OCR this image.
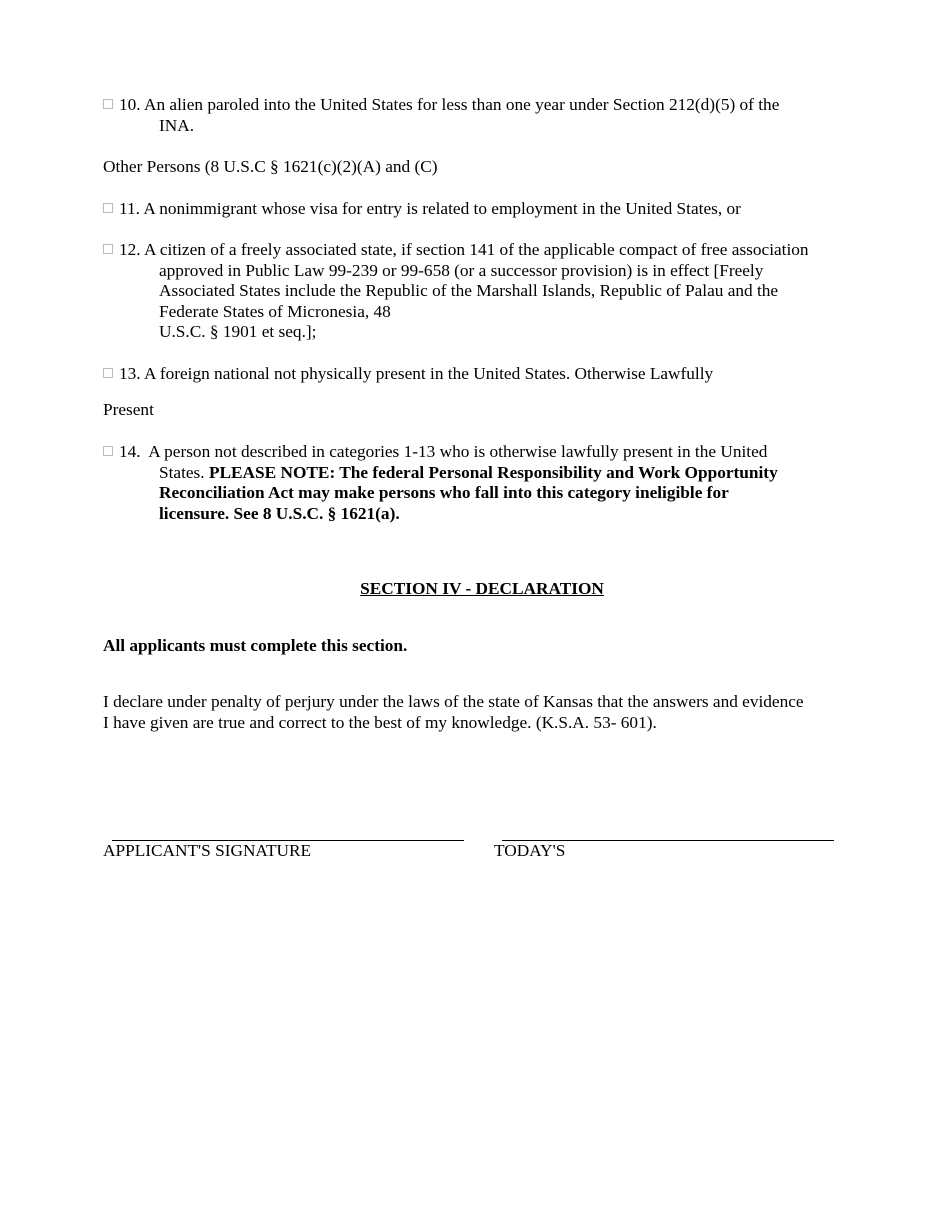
10. An alien paroled into the United States for less than one year under Section 212(d)(5) of the
INA.
Other Persons (8 U.S.C § 1621(c)(2)(A) and (C)
11. A nonimmigrant whose visa for entry is related to employment in the United States, or
12. A citizen of a freely associated state, if section 141 of the applicable compact of free association
approved in Public Law 99-239 or 99-658 (or a successor provision) is in effect [Freely
Associated States include the Republic of the Marshall Islands, Republic of Palau and the
Federate States of Micronesia, 48
U.S.C. § 1901 et seq.];
13. A foreign national not physically present in the United States. Otherwise Lawfully
Present
14. A person not described in categories 1-13 who is otherwise lawfully present in the United
States. PLEASE NOTE: The federal Personal Responsibility and Work Opportunity
Reconciliation Act may make persons who fall into this category ineligible for
licensure. See 8 U.S.C. § 1621(a).
SECTION IV - DECLARATION
All applicants must complete this section.
I declare under penalty of perjury under the laws of the state of Kansas that the answers and evidence
I have given are true and correct to the best of my knowledge. (K.S.A. 53- 601).
APPLICANT'S SIGNATURE	TODAY'S
